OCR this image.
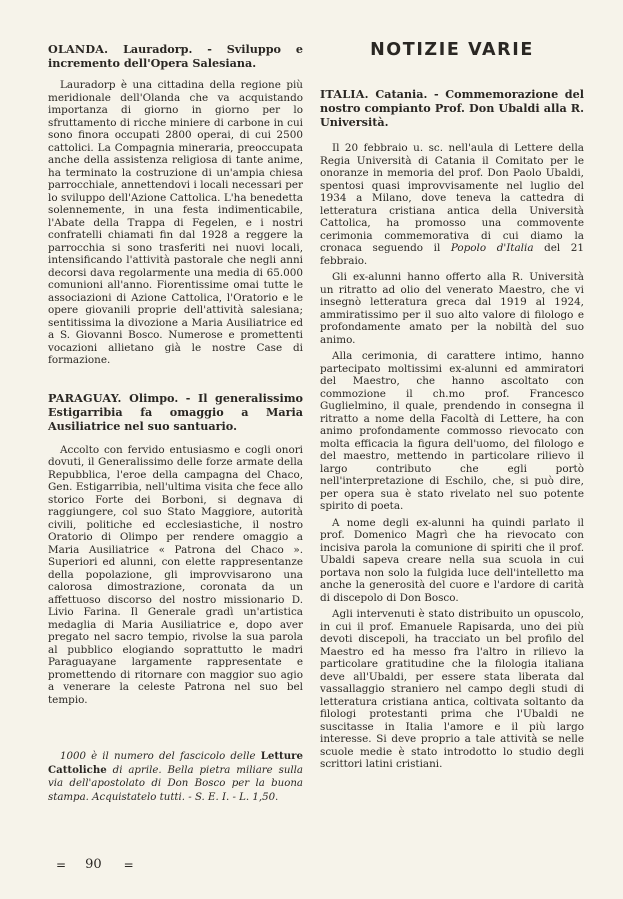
OLANDA. Lauradorp. - Sviluppo e incremento dell'Opera Salesiana.
Lauradorp è una cittadina della regione più meridionale dell'Olanda che va acquistando importanza di giorno in giorno per lo sfruttamento di ricche miniere di carbone in cui sono finora occupati 2800 operai, di cui 2500 cattolici. La Compagnia mineraria, preoccupata anche della assistenza religiosa di tante anime, ha terminato la costruzione di un'ampia chiesa parrocchiale, annettendovi i locali necessari per lo sviluppo dell'Azione Cattolica. L'ha benedetta solennemente, in una festa indimenticabile, l'Abate della Trappa di Fegelen, e i nostri confratelli chiamati fin dal 1928 a reggere la parrocchia si sono trasferiti nei nuovi locali, intensificando l'attività pastorale che negli anni decorsi dava regolarmente una media di 65.000 comunioni all'anno. Fiorentissime omai tutte le associazioni di Azione Cattolica, l'Oratorio e le opere giovanili proprie dell'attività salesiana; sentitissima la divozione a Maria Ausiliatrice ed a S. Giovanni Bosco. Numerose e promettenti vocazioni allietano già le nostre Case di formazione.
PARAGUAY. Olimpo. - Il generalissimo Estigarribia fa omaggio a Maria Ausiliatrice nel suo santuario.
Accolto con fervido entusiasmo e cogli onori dovuti, il Generalissimo delle forze armate della Repubblica, l'eroe della campagna del Chaco, Gen. Estigarribia, nell'ultima visita che fece allo storico Forte dei Borboni, si degnava di raggiungere, col suo Stato Maggiore, autorità civili, politiche ed ecclesiastiche, il nostro Oratorio di Olimpo per rendere omaggio a Maria Ausiliatrice « Patrona del Chaco ». Superiori ed alunni, con elette rappresentanze della popolazione, gli improvvisarono una calorosa dimostrazione, coronata da un affettuoso discorso del nostro missionario D. Livio Farina. Il Generale gradì un'artistica medaglia di Maria Ausiliatrice e, dopo aver pregato nel sacro tempio, rivolse la sua parola al pubblico elogiando soprattutto le madri Paraguayane largamente rappresentate e promettendo di ritornare con maggior suo agio a venerare la celeste Patrona nel suo bel tempio.
1000 è il numero del fascicolo delle Letture Cattoliche di aprile. Bella pietra miliare sulla via dell'apostolato di Don Bosco per la buona stampa. Acquistatelo tutti. - S. E. I. - L. 1,50.
NOTIZIE VARIE
ITALIA. Catania. - Commemorazione del nostro compianto Prof. Don Ubaldi alla R. Università.

Il 20 febbraio u. sc. nell'aula di Lettere della Regia Università di Catania il Comitato per le onoranze in memoria del prof. Don Paolo Ubaldi, spentosi quasi improvvisamente nel luglio del 1934 a Milano, dove teneva la cattedra di letteratura cristiana antica della Università Cattolica, ha promosso una commovente cerimonia commemorativa di cui diamo la cronaca seguendo il Popolo d'Italia del 21 febbraio.

Gli ex-alunni hanno offerto alla R. Università un ritratto ad olio del venerato Maestro, che vi insegnò letteratura greca dal 1919 al 1924, ammiratissimo per il suo alto valore di filologo e profondamente amato per la nobiltà del suo animo.

Alla cerimonia, di carattere intimo, hanno partecipato moltissimi ex-alunni ed ammiratori del Maestro, che hanno ascoltato con commozione il ch.mo prof. Francesco Guglielmino, il quale, prendendo in consegna il ritratto a nome della Facoltà di Lettere, ha con animo profondamente commosso rievocato con molta efficacia la figura dell'uomo, del filologo e del maestro, mettendo in particolare rilievo il largo contributo che egli portò nell'interpretazione di Eschilo, che, si può dire, per opera sua è stato rivelato nel suo potente spirito di poeta.

A nome degli ex-alunni ha quindi parlato il prof. Domenico Magrì che ha rievocato con incisiva parola la comunione di spiriti che il prof. Ubaldi sapeva creare nella sua scuola in cui portava non solo la fulgida luce dell'intelletto ma anche la generosità del cuore e l'ardore di carità di discepolo di Don Bosco.

Agli intervenuti è stato distribuito un opuscolo, in cui il prof. Emanuele Rapisarda, uno dei più devoti discepoli, ha tracciato un bel profilo del Maestro ed ha messo fra l'altro in rilievo la particolare gratitudine che la filologia italiana deve all'Ubaldi, per essere stata liberata dal vassallaggio straniero nel campo degli studi di letteratura cristiana antica, coltivata soltanto da filologi protestanti prima che l'Ubaldi ne suscitasse in Italia l'amore e il più largo interesse. Si deve proprio a tale attività se nelle scuole medie è stato introdotto lo studio degli scrittori latini cristiani.

= 90 =
